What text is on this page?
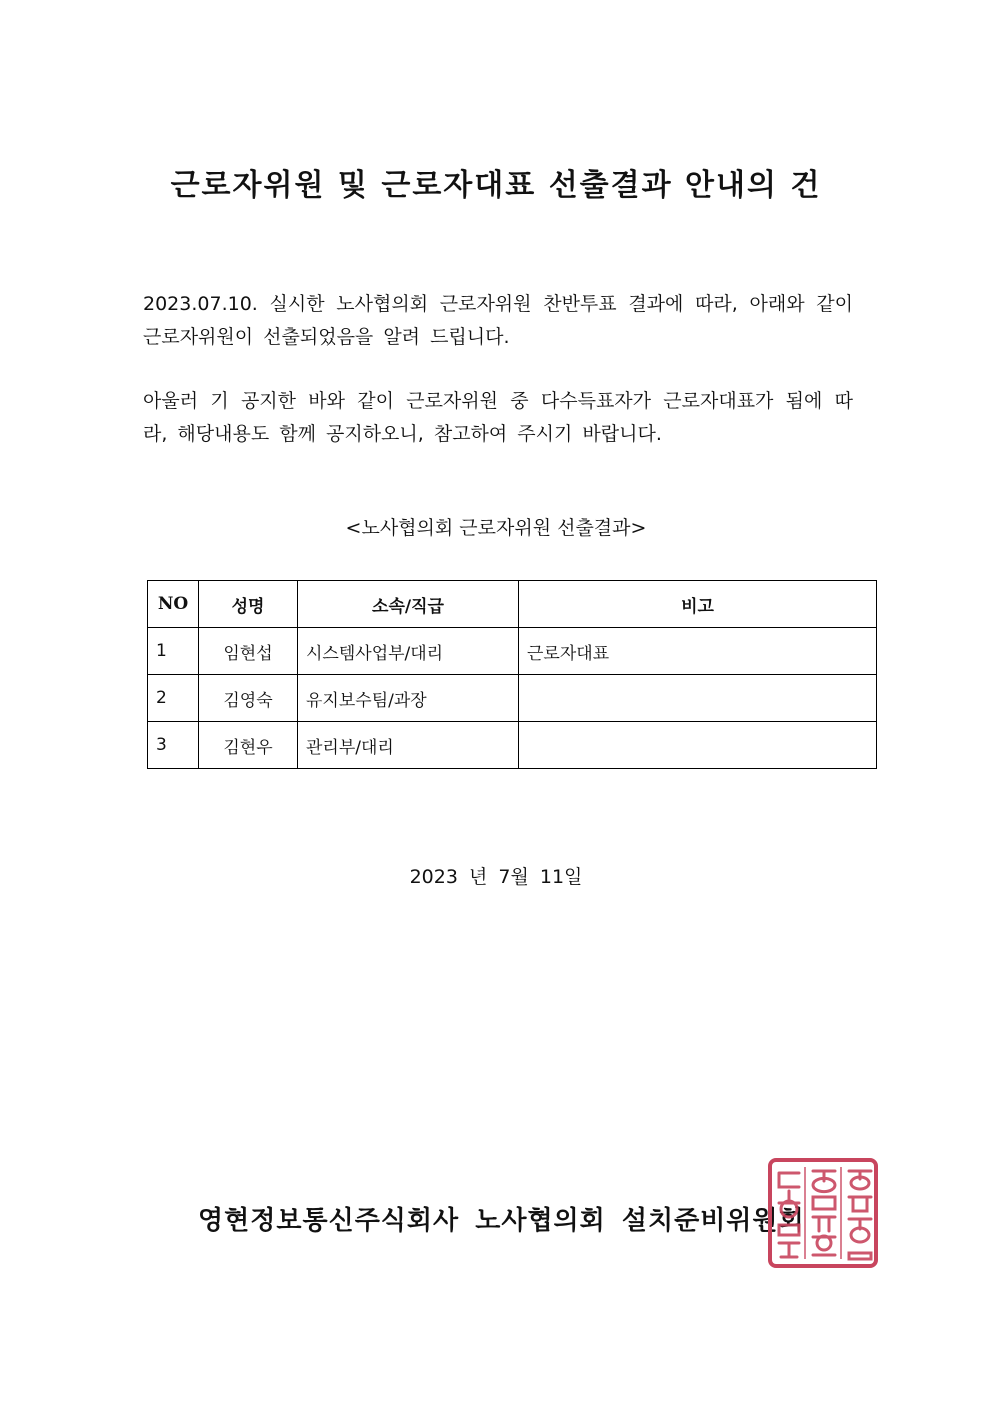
근로자위원 및 근로자대표 선출결과 안내의 건
2023.07.10. 실시한 노사협의회 근로자위원 찬반투표 결과에 따라, 아래와 같이 근로자위원이 선출되었음을 알려 드립니다.
아울러 기 공지한 바와 같이 근로자위원 중 다수득표자가 근로자대표가 됨에 따라, 해당내용도 함께 공지하오니, 참고하여 주시기 바랍니다.
<노사협의회 근로자위원 선출결과>
NO	성명	소속/직급	비고
1	임현섭	시스템사업부/대리	근로자대표
2	김영숙	유지보수팀/과장	
3	김현우	관리부/대리	
2023 년 7월 11일
영현정보통신주식회사 노사협의회 설치준비위원회
